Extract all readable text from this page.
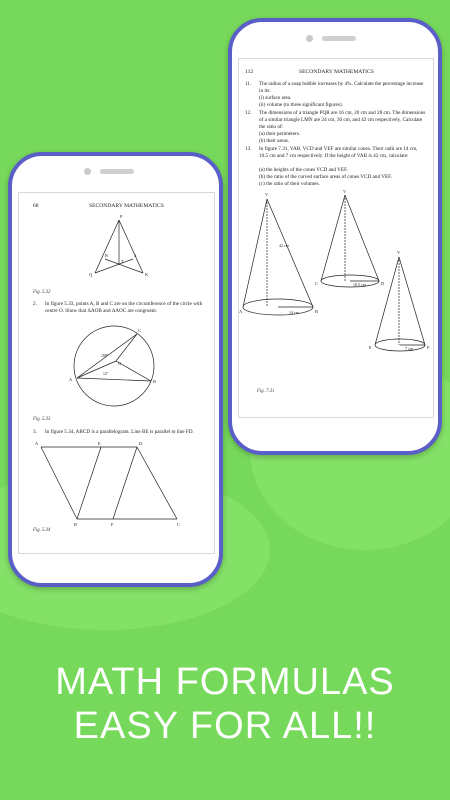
68	SECONDARY MATHEMATICS
P
R	S
T
Q	K
Fig. 5.32
2. In figure 5.33, points A, B and C are on the circumference of the circle with centre O. Show that ΔAOB and ΔAOC are congruent.
A	B
C
O
108°
12°
Fig. 5.33
3. In figure 5.34, ABCD is a parallelogram. Line BE is parallel to line FD.
A	E	D
B	F	C
Fig. 5.34
112	SECONDARY MATHEMATICS
11. The radius of a soap bubble increases by 4%. Calculate the percentage increase in its:
(i) surface area.
(ii) volume (to three significant figures).
12. The dimensions of a triangle PQR are 16 cm, 20 cm and 28 cm. The dimensions of a similar triangle LMN are 24 cm, 30 cm, and 42 cm respectively. Calculate the ratio of:
(a) their perimeters.
(b) their areas.
13. In figure 7.31, VAB, VCD and VEF are similar cones. Their radii are 14 cm, 10.5 cm and 7 cm respectively. If the height of VAB is 42 cm, calculate:
(a) the heights of the cones VCD and VEF.
(b) the ratio of the curved surface areas of cones VCD and VEF.
(c) the ratio of their volumes.
V
V
V
42 cm
A	B
14 cm
C	D
10.5 cm
E	F
7 cm
Fig. 7.31
MATH FORMULAS
EASY FOR ALL!!
